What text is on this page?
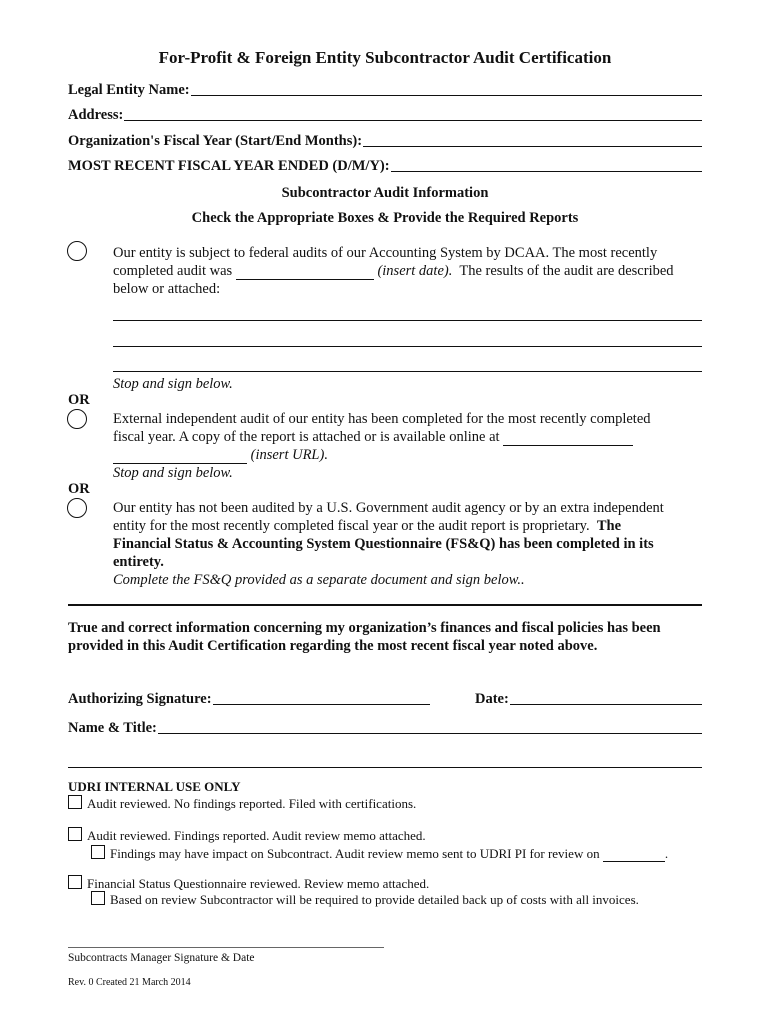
For-Profit & Foreign Entity Subcontractor Audit Certification
Legal Entity Name:
Address:
Organization's Fiscal Year (Start/End Months):
MOST RECENT FISCAL YEAR ENDED (D/M/Y):
Subcontractor Audit Information
Check the Appropriate Boxes & Provide the Required Reports
Our entity is subject to federal audits of our Accounting System by DCAA. The most recently
completed audit was	(insert date). The results of the audit are described
below or attached:
Stop and sign below.
OR
External independent audit of our entity has been completed for the most recently completed
fiscal year. A copy of the report is attached or is available online at
(insert URL).
Stop and sign below.
OR
Our entity has not been audited by a U.S. Government audit agency or by an extra independent
entity for the most recently completed fiscal year or the audit report is proprietary. The
Financial Status & Accounting System Questionnaire (FS&Q) has been completed in its
entirety.
Complete the FS&Q provided as a separate document and sign below..
True and correct information concerning my organization’s finances and fiscal policies has been provided in this Audit Certification regarding the most recent fiscal year noted above.
Authorizing Signature:	Date:
Name & Title:
UDRI INTERNAL USE ONLY
Audit reviewed. No findings reported. Filed with certifications.
Audit reviewed. Findings reported. Audit review memo attached.
Findings may have impact on Subcontract. Audit review memo sent to UDRI PI for review on	.
Financial Status Questionnaire reviewed. Review memo attached.
Based on review Subcontractor will be required to provide detailed back up of costs with all invoices.
Subcontracts Manager Signature & Date
Rev. 0 Created 21 March 2014
